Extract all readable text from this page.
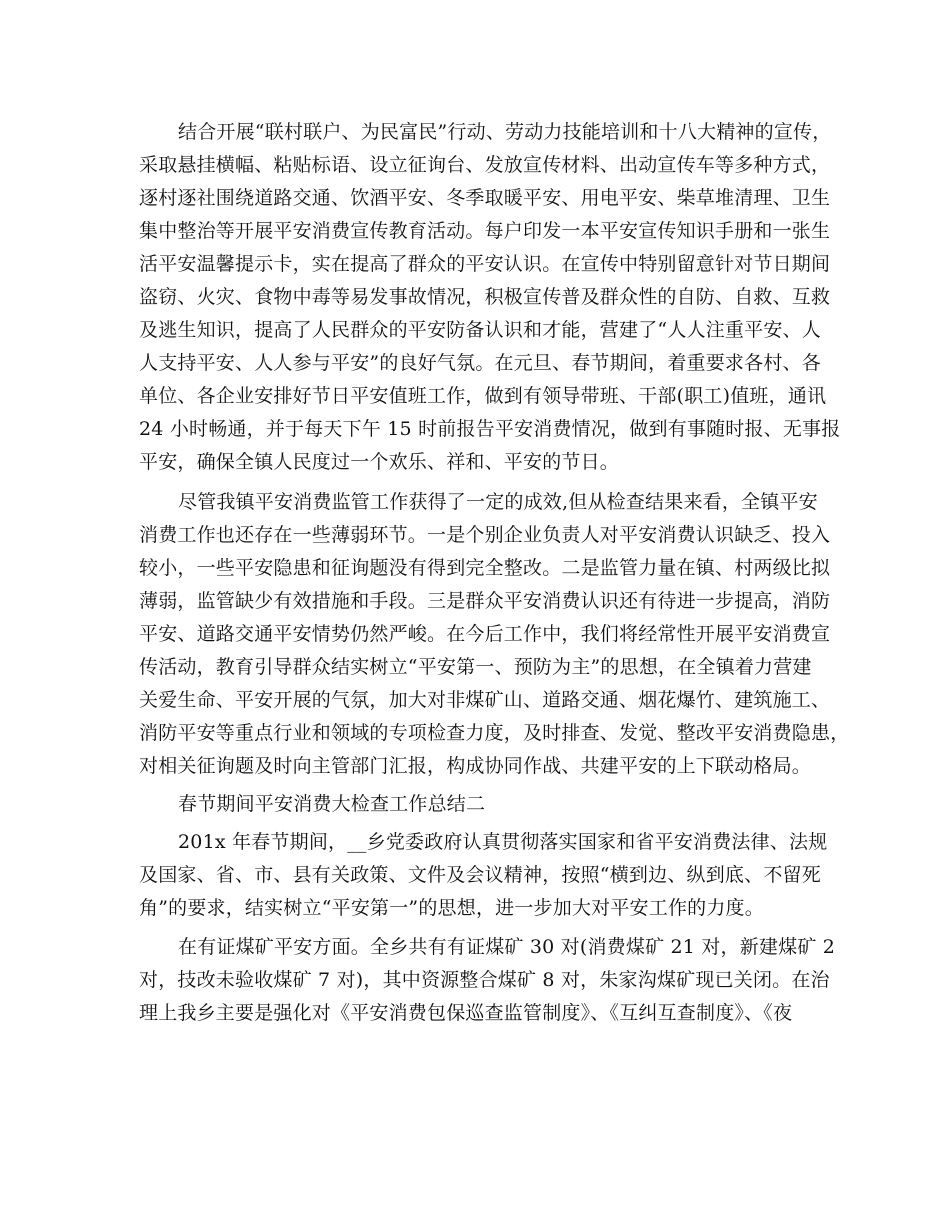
结合开展“联村联户、为民富民”行动、劳动力技能培训和十八大精神的宣传，
采取悬挂横幅、粘贴标语、设立征询台、发放宣传材料、出动宣传车等多种方式，
逐村逐社围绕道路交通、饮酒平安、冬季取暖平安、用电平安、柴草堆清理、卫生
集中整治等开展平安消费宣传教育活动。每户印发一本平安宣传知识手册和一张生
活平安温馨提示卡，实在提高了群众的平安认识。在宣传中特别留意针对节日期间
盗窃、火灾、食物中毒等易发事故情况，积极宣传普及群众性的自防、自救、互救
及逃生知识，提高了人民群众的平安防备认识和才能，营建了“人人注重平安、人
人支持平安、人人参与平安”的良好气氛。在元旦、春节期间，着重要求各村、各
单位、各企业安排好节日平安值班工作，做到有领导带班、干部(职工)值班，通讯
24 小时畅通，并于每天下午 15 时前报告平安消费情况，做到有事随时报、无事报
平安，确保全镇人民度过一个欢乐、祥和、平安的节日。
尽管我镇平安消费监管工作获得了一定的成效,但从检查结果来看，全镇平安
消费工作也还存在一些薄弱环节。一是个别企业负责人对平安消费认识缺乏、投入
较小，一些平安隐患和征询题没有得到完全整改。二是监管力量在镇、村两级比拟
薄弱，监管缺少有效措施和手段。三是群众平安消费认识还有待进一步提高，消防
平安、道路交通平安情势仍然严峻。在今后工作中，我们将经常性开展平安消费宣
传活动，教育引导群众结实树立“平安第一、预防为主”的思想，在全镇着力营建
关爱生命、平安开展的气氛，加大对非煤矿山、道路交通、烟花爆竹、建筑施工、
消防平安等重点行业和领域的专项检查力度，及时排查、发觉、整改平安消费隐患，
对相关征询题及时向主管部门汇报，构成协同作战、共建平安的上下联动格局。
春节期间平安消费大检查工作总结二
201x 年春节期间，__乡党委政府认真贯彻落实国家和省平安消费法律、法规
及国家、省、市、县有关政策、文件及会议精神，按照“横到边、纵到底、不留死
角”的要求，结实树立“平安第一”的思想，进一步加大对平安工作的力度。
在有证煤矿平安方面。全乡共有有证煤矿 30 对(消费煤矿 21 对，新建煤矿 2
对，技改未验收煤矿 7 对)，其中资源整合煤矿 8 对，朱家沟煤矿现已关闭。在治
理上我乡主要是强化对《平安消费包保巡查监管制度》、《互纠互查制度》、《夜
